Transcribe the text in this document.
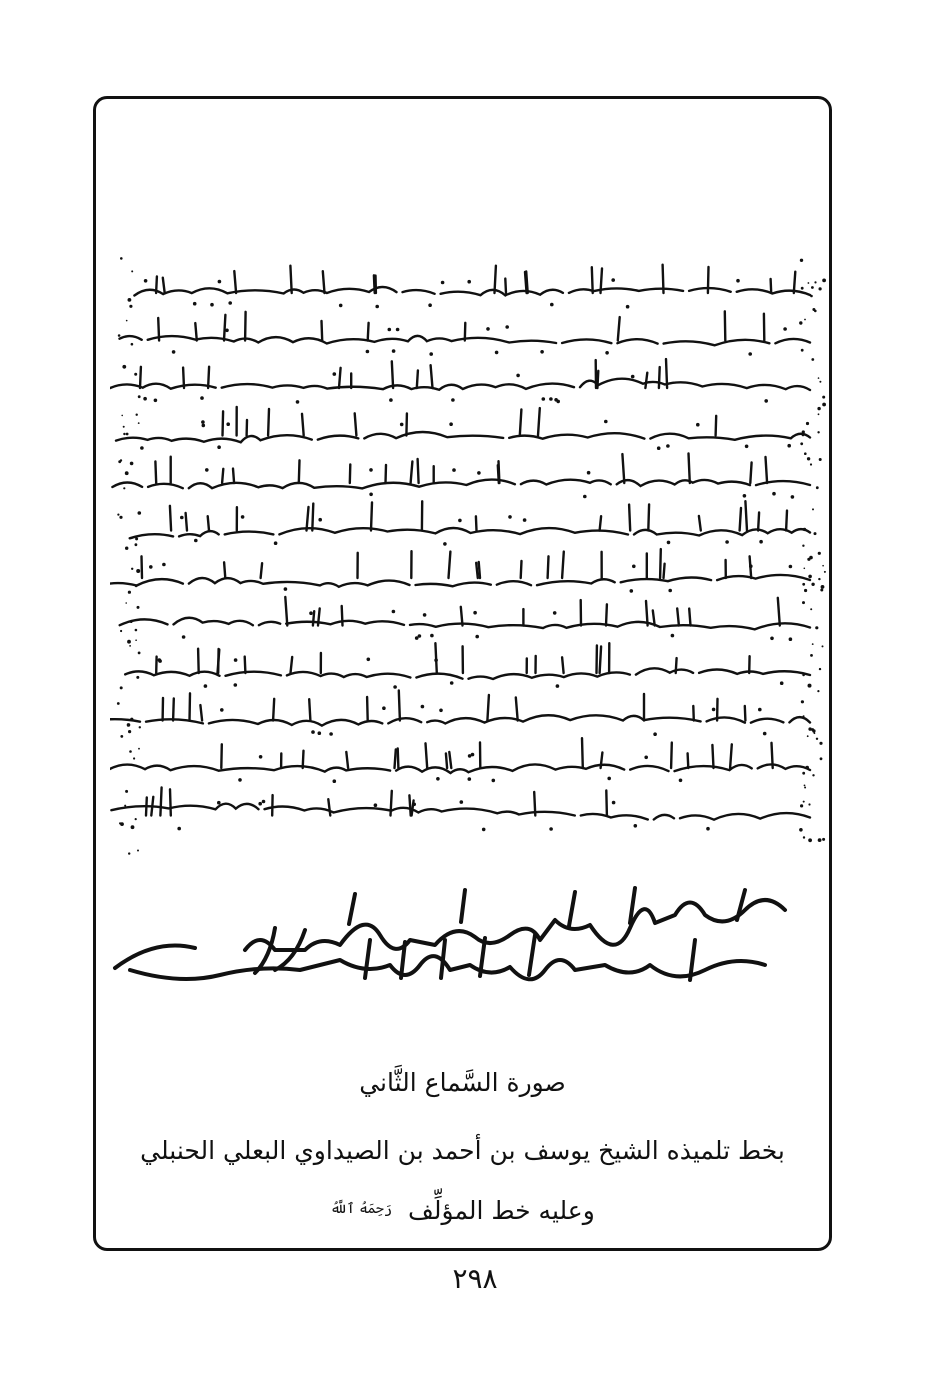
صورة السَّماع الثَّاني
بخط تلميذه الشيخ يوسف بن أحمد بن الصيداوي البعلي الحنبلي
وعليه خط المؤلِّف $^{رَحِمَهُ ٱللَّهُ}$
٢٩٨
